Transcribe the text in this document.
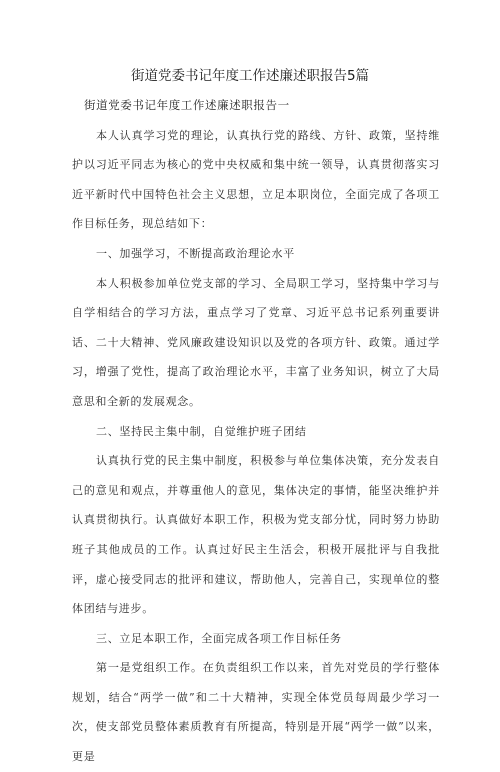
街道党委书记年度工作述廉述职报告5篇

街道党委书记年度工作述廉述职报告一

本人认真学习党的理论，认真执行党的路线、方针、政策，坚持维护以习近平同志为核心的党中央权威和集中统一领导，认真贯彻落实习近平新时代中国特色社会主义思想，立足本职岗位，全面完成了各项工作目标任务，现总结如下：

一、加强学习，不断提高政治理论水平

本人积极参加单位党支部的学习、全局职工学习，坚持集中学习与自学相结合的学习方法，重点学习了党章、习近平总书记系列重要讲话、二十大精神、党风廉政建设知识以及党的各项方针、政策。通过学习，增强了党性，提高了政治理论水平，丰富了业务知识，树立了大局意思和全新的发展观念。

二、坚持民主集中制，自觉维护班子团结

认真执行党的民主集中制度，积极参与单位集体决策，充分发表自己的意见和观点，并尊重他人的意见，集体决定的事情，能坚决维护并认真贯彻执行。认真做好本职工作，积极为党支部分忧，同时努力协助班子其他成员的工作。认真过好民主生活会，积极开展批评与自我批评，虚心接受同志的批评和建议，帮助他人，完善自己，实现单位的整体团结与进步。

三、立足本职工作，全面完成各项工作目标任务

第一是党组织工作。在负责组织工作以来，首先对党员的学行整体规划，结合“两学一做”和二十大精神，实现全体党员每周最少学习一次，使支部党员整体素质教育有所提高，特别是开展“两学一做”以来，更是
